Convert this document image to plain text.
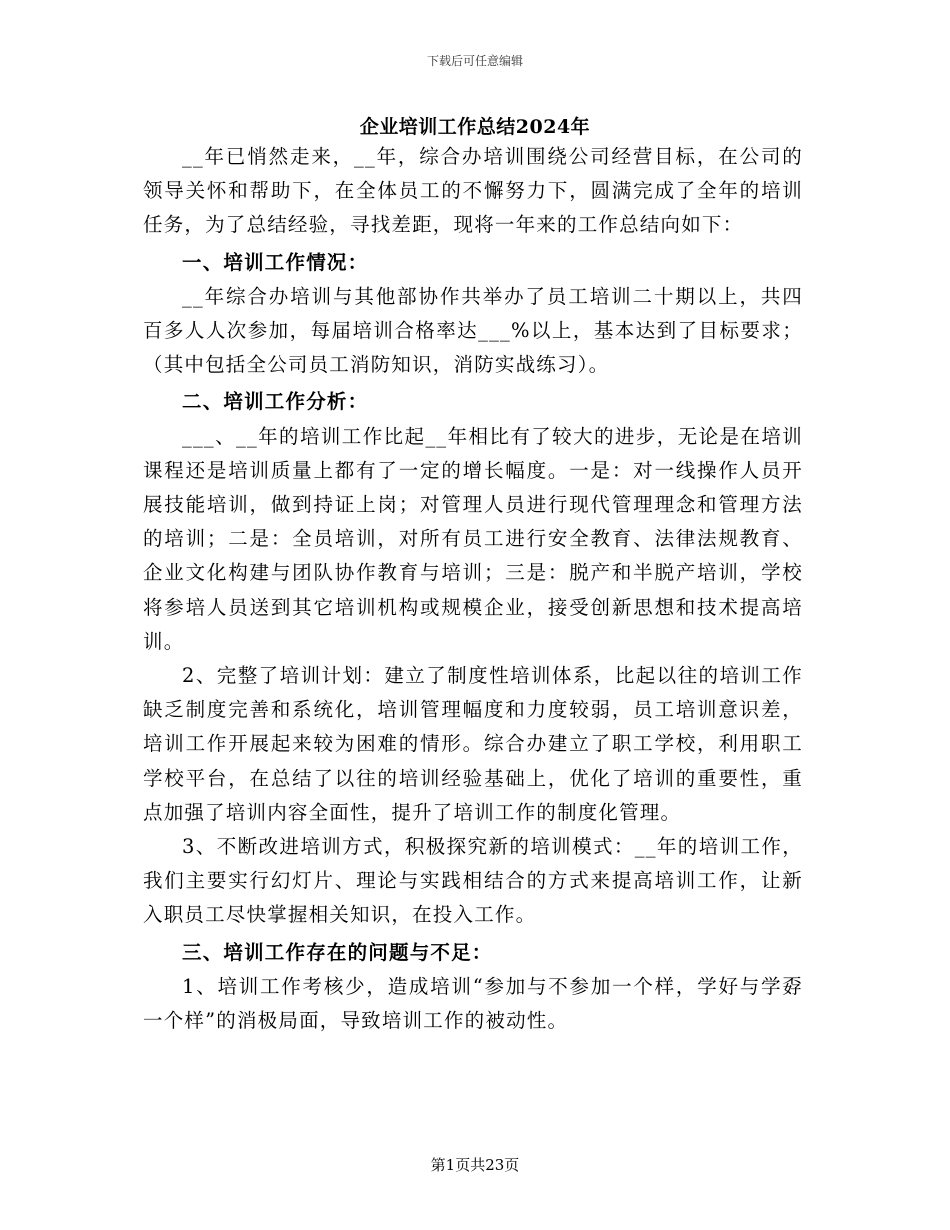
下载后可任意编辑
企业培训工作总结2024年

__年已悄然走来，__年，综合办培训围绕公司经营目标，在公司的领导关怀和帮助下，在全体员工的不懈努力下，圆满完成了全年的培训任务，为了总结经验，寻找差距，现将一年来的工作总结向如下：

一、培训工作情况：

__年综合办培训与其他部协作共举办了员工培训二十期以上，共四百多人人次参加，每届培训合格率达___%以上，基本达到了目标要求；（其中包括全公司员工消防知识，消防实战练习）。

二、培训工作分析：

___、__年的培训工作比起__年相比有了较大的进步，无论是在培训课程还是培训质量上都有了一定的增长幅度。一是：对一线操作人员开展技能培训，做到持证上岗；对管理人员进行现代管理理念和管理方法的培训；二是：全员培训，对所有员工进行安全教育、法律法规教育、企业文化构建与团队协作教育与培训；三是：脱产和半脱产培训，学校将参培人员送到其它培训机构或规模企业，接受创新思想和技术提高培训。

2、完整了培训计划：建立了制度性培训体系，比起以往的培训工作缺乏制度完善和系统化，培训管理幅度和力度较弱，员工培训意识差，培训工作开展起来较为困难的情形。综合办建立了职工学校，利用职工学校平台，在总结了以往的培训经验基础上，优化了培训的重要性，重点加强了培训内容全面性，提升了培训工作的制度化管理。

3、不断改进培训方式，积极探究新的培训模式：__年的培训工作，我们主要实行幻灯片、理论与实践相结合的方式来提高培训工作，让新入职员工尽快掌握相关知识，在投入工作。

三、培训工作存在的问题与不足：

1、培训工作考核少，造成培训“参加与不参加一个样，学好与学孬一个样”的消极局面，导致培训工作的被动性。

第1页共23页
